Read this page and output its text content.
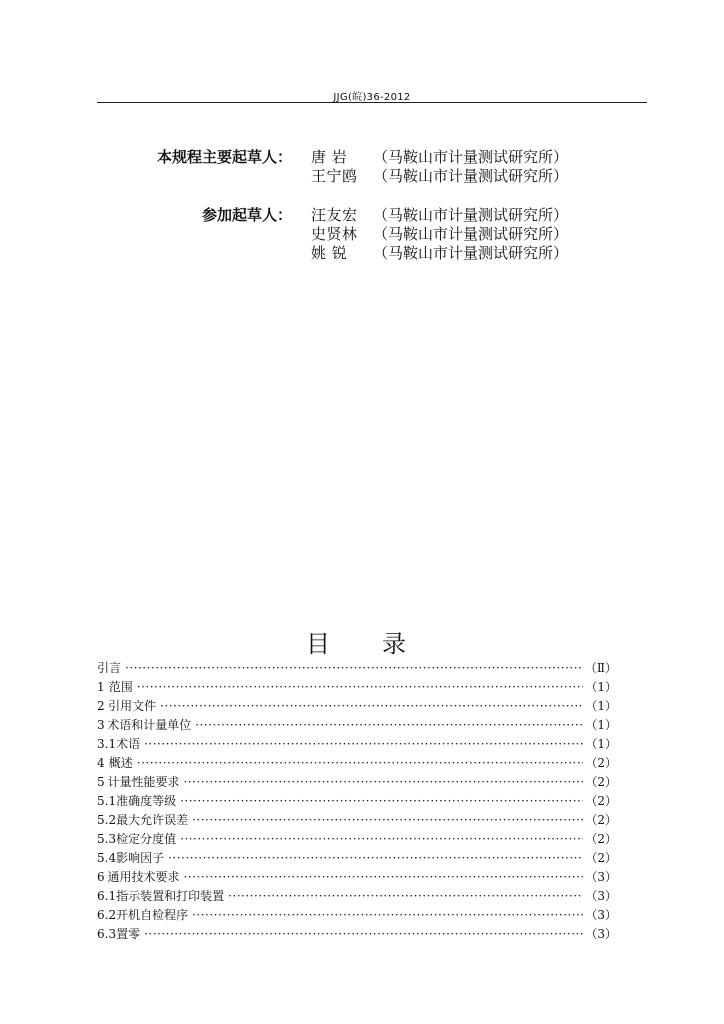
JJG(皖)36-2012
本规程主要起草人： 唐 岩	（马鞍山市计量测试研究所）
王宁鸥	（马鞍山市计量测试研究所）
参加起草人： 汪友宏	（马鞍山市计量测试研究所）
史贤林	（马鞍山市计量测试研究所）
姚 锐	（马鞍山市计量测试研究所）
目录
引言 ·····	（Ⅱ）
1 范围 ·····	（1）
2 引用文件 ·····	（1）
3 术语和计量单位 ·····	（1）
3.1 术语 ·····	（1）
4 概述 ·····	（2）
5 计量性能要求 ·····	（2）
5.1 准确度等级 ·····	（2）
5.2 最大允许误差 ·····	（2）
5.3 检定分度值 ·····	（2）
5.4 影响因子 ·····	（2）
6 通用技术要求 ·····	（3）
6.1 指示装置和打印装置 ·····	（3）
6.2 开机自检程序 ·····	（3）
6.3 置零 ·····	（3）
